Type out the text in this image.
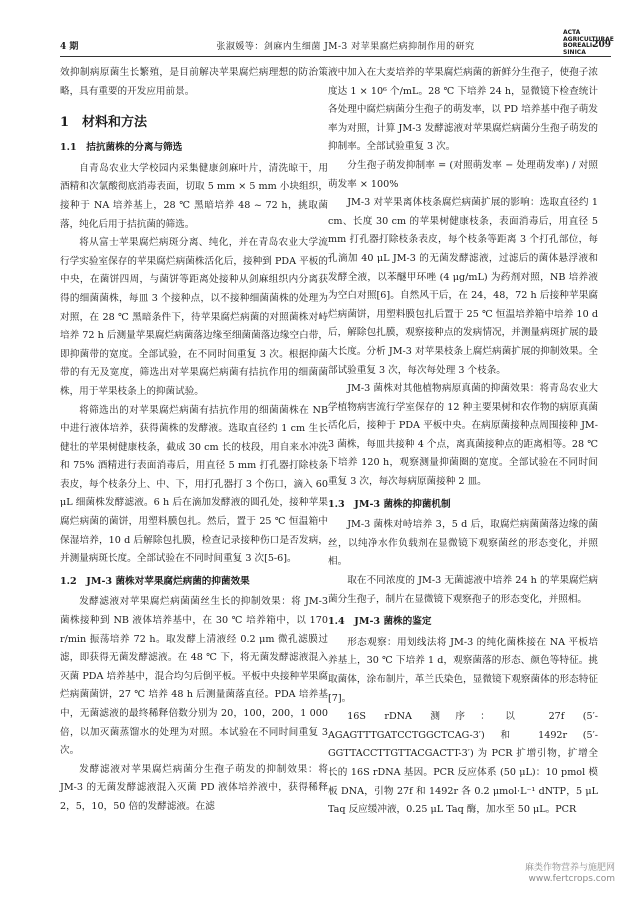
4 期	张淑媛等：剑麻内生细菌 JM-3 对苹果腐烂病抑制作用的研究	209
ACTA AGRICULTURAE BOREALI-SINICA

效抑制病原菌生长繁殖，是目前解决苹果腐烂病理想的防治策略，具有重要的开发应用前景。

1　材料和方法
1.1　拮抗菌株的分离与筛选

自青岛农业大学校园内采集健康剑麻叶片，清洗晾干，用酒精和次氯酸彻底消毒表面，切取 5 mm × 5 mm 小块组织，接种于 NA 培养基上，28 ℃ 黑暗培养 48 ~ 72 h，挑取菌落，纯化后用于拮抗菌的筛选。

将从富士苹果腐烂病斑分离、纯化，并在青岛农业大学流行学实验室保存的苹果腐烂病菌株活化后，接种到 PDA 平板的中央，在菌饼四周，与菌饼等距离处接种从剑麻组织内分离获得的细菌菌株，每皿 3 个接种点，以不接种细菌菌株的处理为对照，在 28 ℃ 黑暗条件下，待苹果腐烂病菌的对照菌株对峙培养 72 h 后测量苹果腐烂病菌落边缘至细菌菌落边缘空白带，即抑菌带的宽度。全部试验，在不同时间重复 3 次。根据抑菌带的有无及宽度，筛选出对苹果腐烂病菌有拮抗作用的细菌菌株，用于苹果枝条上的抑菌试验。

将筛选出的对苹果腐烂病菌有拮抗作用的细菌菌株在 NB 中进行液体培养，获得菌株的发酵液。选取直径约 1 cm 生长健壮的苹果树健康枝条，截成 30 cm 长的枝段，用自来水冲洗和 75% 酒精进行表面消毒后，用直径 5 mm 打孔器打除枝条表皮，每个枝条分上、中、下，用打孔器打 3 个伤口，滴入 60 μL 细菌株发酵滤液。6 h 后在滴加发酵液的圆孔处，接种苹果腐烂病菌的菌饼，用塑料膜包扎。然后，置于 25 ℃ 恒温箱中保湿培养，10 d 后解除包扎膜，检查记录接种伤口是否发病，并测量病斑长度。全部试验在不同时间重复 3 次[5-6]。

1.2　JM-3 菌株对苹果腐烂病菌的抑菌效果

发酵滤液对苹果腐烂病菌菌丝生长的抑制效果：将 JM-3 菌株接种到 NB 液体培养基中，在 30 ℃ 培养箱中，以 170 r/min 振荡培养 72 h。取发酵上清液经 0.2 μm 微孔滤膜过滤，即获得无菌发酵滤液。在 48 ℃ 下，将无菌发酵滤液混入灭菌 PDA 培养基中，混合均匀后倒平板。平板中央接种苹果腐烂病菌菌饼，27 ℃ 培养 48 h 后测量菌落直径。PDA 培养基中，无菌滤液的最终稀释倍数分别为 20，100，200，1 000 倍，以加灭菌蒸馏水的处理为对照。本试验在不同时间重复 3 次。

发酵滤液对苹果腐烂病菌分生孢子萌发的抑制效果：将 JM-3 的无菌发酵滤液混入灭菌 PD 液体培养液中，获得稀释 2，5，10，50 倍的发酵滤液。在滤

液中加入在大麦培养的苹果腐烂病菌的新鲜分生孢子，使孢子浓度达 1 × 10⁶ 个/mL。28 ℃ 下培养 24 h，显微镜下检查统计各处理中腐烂病菌分生孢子的萌发率，以 PD 培养基中孢子萌发率为对照，计算 JM-3 发酵滤液对苹果腐烂病菌分生孢子萌发的抑制率。全部试验重复 3 次。

分生孢子萌发抑制率 = (对照萌发率 − 处理萌发率) / 对照萌发率 × 100%

JM-3 对苹果离体枝条腐烂病菌扩展的影响：选取直径约 1 cm、长度 30 cm 的苹果树健康枝条，表面消毒后，用直径 5 mm 打孔器打除枝条表皮，每个枝条等距离 3 个打孔部位，每孔滴加 40 μL JM-3 的无菌发酵滤液，过滤后的菌体悬浮液和发酵全液，以苯醚甲环唑 (4 μg/mL) 为药剂对照，NB 培养液为空白对照[6]。自然风干后，在 24，48，72 h 后接种苹果腐烂病菌饼，用塑料膜包扎后置于 25 ℃ 恒温培养箱中培养 10 d 后，解除包扎膜，观察接种点的发病情况，并测量病斑扩展的最大长度。分析 JM-3 对苹果枝条上腐烂病菌扩展的抑制效果。全部试验重复 3 次，每次每处理 3 个枝条。

JM-3 菌株对其他植物病原真菌的抑菌效果：将青岛农业大学植物病害流行学室保存的 12 种主要果树和农作物的病原真菌活化后，接种于 PDA 平板中央。在病原菌接种点周围接种 JM-3 菌株，每皿共接种 4 个点，离真菌接种点的距离相等。28 ℃ 下培养 120 h，观察测量抑菌圈的宽度。全部试验在不同时间重复 3 次，每次每病原菌接种 2 皿。

1.3　JM-3 菌株的抑菌机制

JM-3 菌株对峙培养 3，5 d 后，取腐烂病菌菌落边缘的菌丝，以纯净水作负载剂在显微镜下观察菌丝的形态变化，并照相。

取在不同浓度的 JM-3 无菌滤液中培养 24 h 的苹果腐烂病菌分生孢子，制片在显微镜下观察孢子的形态变化，并照相。

1.4　JM-3 菌株的鉴定

形态观察：用划线法将 JM-3 的纯化菌株接在 NA 平板培养基上，30 ℃ 下培养 1 d，观察菌落的形态、颜色等特征。挑取菌体，涂布制片，革兰氏染色，显微镜下观察菌体的形态特征[7]。

16S rDNA 测序：以 27f (5′-AGAGTTTGATCCTGGCTCAG-3′) 和 1492r (5′-GGTTACCTTGTTACGACTT-3′) 为 PCR 扩增引物，扩增全长的 16S rDNA 基因。PCR 反应体系 (50 μL)：10 pmol 模板 DNA，引物 27f 和 1492r 各 0.2 μmol·L⁻¹ dNTP，5 μL Taq 反应缓冲液，0.25 μL Taq 酶，加水至 50 μL。PCR

麻类作物营养与施肥网
www.fertcrops.com
